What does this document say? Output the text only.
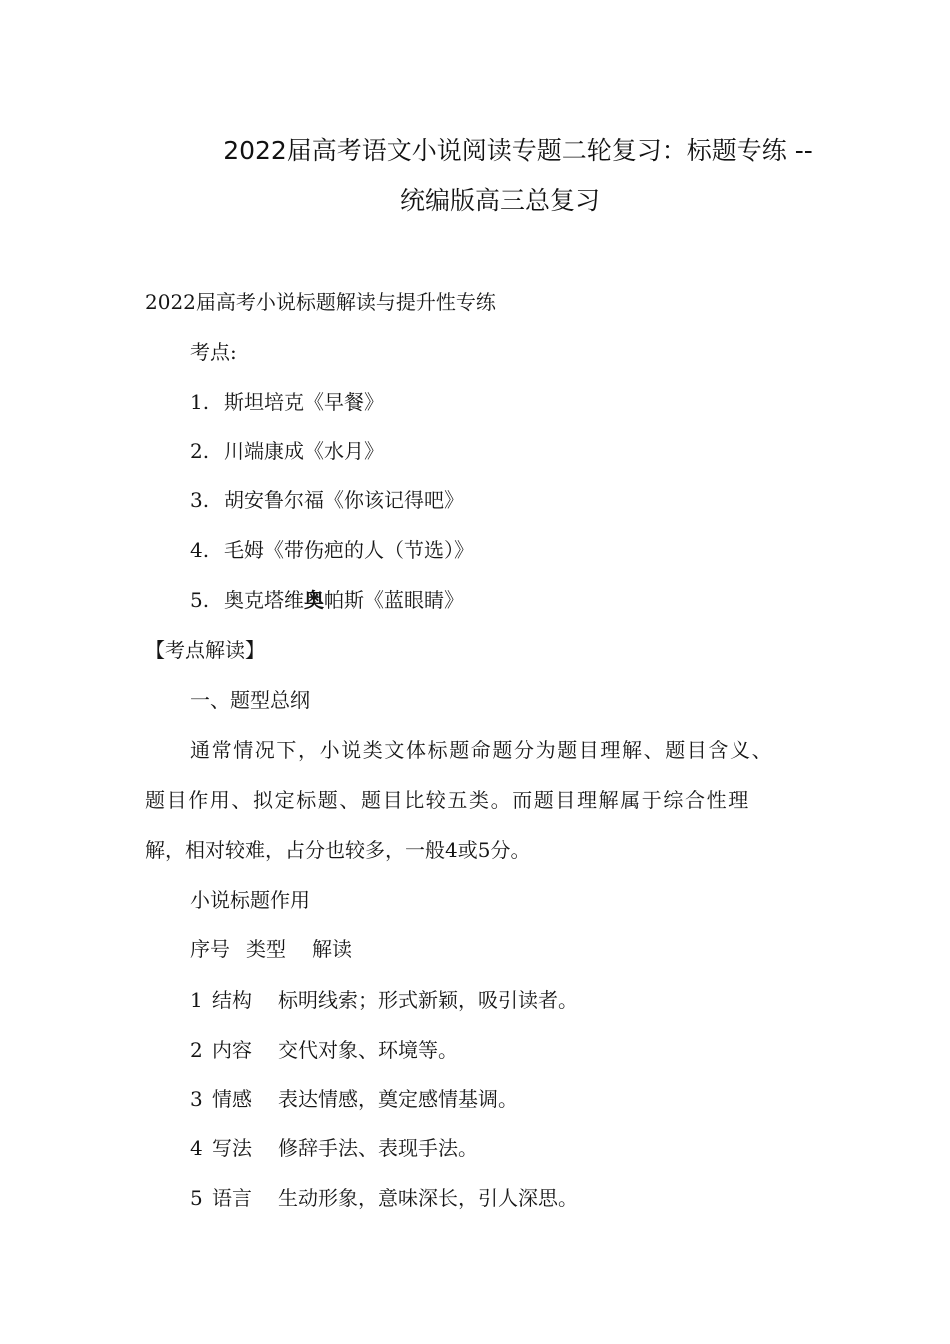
2022届高考语文小说阅读专题二轮复习：标题专练 --
统编版高三总复习
2022届高考小说标题解读与提升性专练
考点:
1. 斯坦培克《早餐》
2. 川端康成《水月》
3. 胡安鲁尔福《你该记得吧》
4. 毛姆《带伤疤的人（节选）》
5. 奥克塔维奥帕斯《蓝眼睛》
【考点解读】
一、题型总纲
通常情况下，小说类文体标题命题分为题目理解、题目含义、
题目作用、拟定标题、题目比较五类。而题目理解属于综合性理
解，相对较难，占分也较多，一般4或5分。
小说标题作用
序号 类型 解读
1 结构 标明线索；形式新颖，吸引读者。
2 内容 交代对象、环境等。
3 情感 表达情感，奠定感情基调。
4 写法 修辞手法、表现手法。
5 语言 生动形象，意味深长，引人深思。
